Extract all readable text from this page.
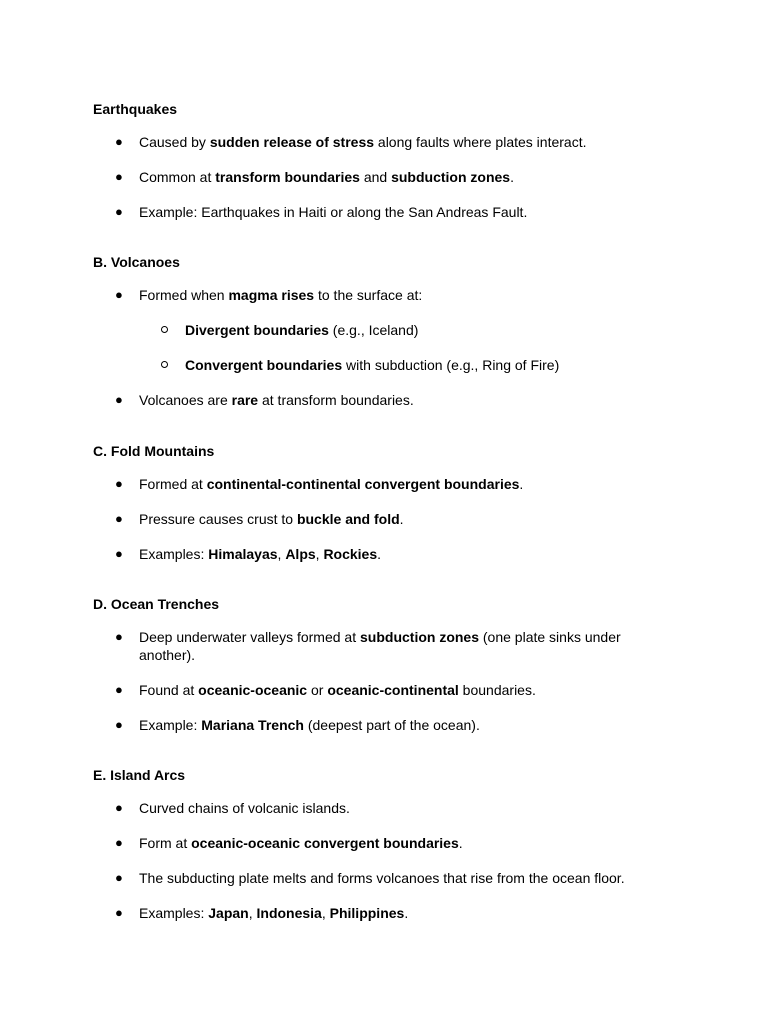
Earthquakes
● Caused by sudden release of stress along faults where plates interact.
● Common at transform boundaries and subduction zones.
● Example: Earthquakes in Haiti or along the San Andreas Fault.
B. Volcanoes
● Formed when magma rises to the surface at:
Divergent boundaries (e.g., Iceland)
Convergent boundaries with subduction (e.g., Ring of Fire)
● Volcanoes are rare at transform boundaries.
C. Fold Mountains
● Formed at continental-continental convergent boundaries.
● Pressure causes crust to buckle and fold.
● Examples: Himalayas, Alps, Rockies.
D. Ocean Trenches
● Deep underwater valleys formed at subduction zones (one plate sinks under another).
● Found at oceanic-oceanic or oceanic-continental boundaries.
● Example: Mariana Trench (deepest part of the ocean).
E. Island Arcs
● Curved chains of volcanic islands.
● Form at oceanic-oceanic convergent boundaries.
● The subducting plate melts and forms volcanoes that rise from the ocean floor.
● Examples: Japan, Indonesia, Philippines.
